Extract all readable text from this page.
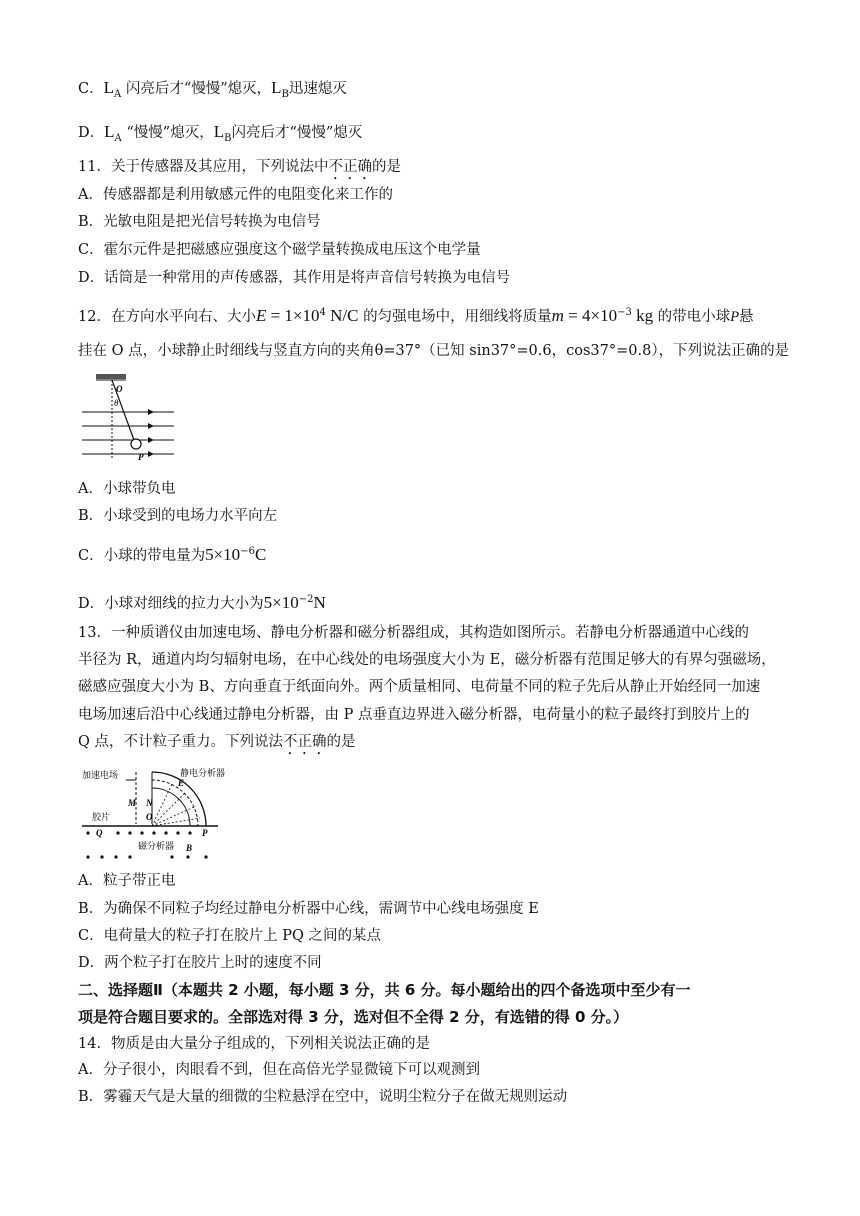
C．$L_A$ 闪亮后才“慢慢”熄灭，$L_B$迅速熄灭
D．$L_A$ “慢慢”熄灭，$L_B$闪亮后才“慢慢”熄灭
11．关于传感器及其应用，下列说法中不正确的是
A．传感器都是利用敏感元件的电阻变化来工作的
B．光敏电阻是把光信号转换为电信号
C．霍尔元件是把磁感应强度这个磁学量转换成电压这个电学量
D．话筒是一种常用的声传感器，其作用是将声音信号转换为电信号
12．在方向水平向右、大小$E = 1\times 10^4$ N/C 的匀强电场中，用细线将质量$m = 4\times 10^{-3}$ kg 的带电小球P悬
挂在 O 点，小球静止时细线与竖直方向的夹角θ=37°（已知 sin37°=0.6，cos37°=0.8），下列说法正确的是
O
θ
P
A．小球带负电
B．小球受到的电场力水平向左
C．小球的带电量为$5\times 10^{-6}C$
D．小球对细线的拉力大小为$5\times 10^{-2}N$
13．一种质谱仪由加速电场、静电分析器和磁分析器组成，其构造如图所示。若静电分析器通道中心线的
半径为 R，通道内均匀辐射电场，在中心线处的电场强度大小为 E，磁分析器有范围足够大的有界匀强磁场，
磁感应强度大小为 B、方向垂直于纸面向外。两个质量相同、电荷量不同的粒子先后从静止开始经同一加速
电场加速后沿中心线通过静电分析器，由 P 点垂直边界进入磁分析器，电荷量小的粒子最终打到胶片上的
Q 点，不计粒子重力。下列说法不正确的是
加速电场	静电分析器
E
M N
胶片	O
Q	P
磁分析器 B
A．粒子带正电
B．为确保不同粒子均经过静电分析器中心线，需调节中心线电场强度 E
C．电荷量大的粒子打在胶片上 PQ 之间的某点
D．两个粒子打在胶片上时的速度不同
二、选择题Ⅱ（本题共 2 小题，每小题 3 分，共 6 分。每小题给出的四个备选项中至少有一
项是符合题目要求的。全部选对得 3 分，选对但不全得 2 分，有选错的得 0 分。）
14．物质是由大量分子组成的，下列相关说法正确的是
A．分子很小，肉眼看不到，但在高倍光学显微镜下可以观测到
B．雾霾天气是大量的细微的尘粒悬浮在空中，说明尘粒分子在做无规则运动
